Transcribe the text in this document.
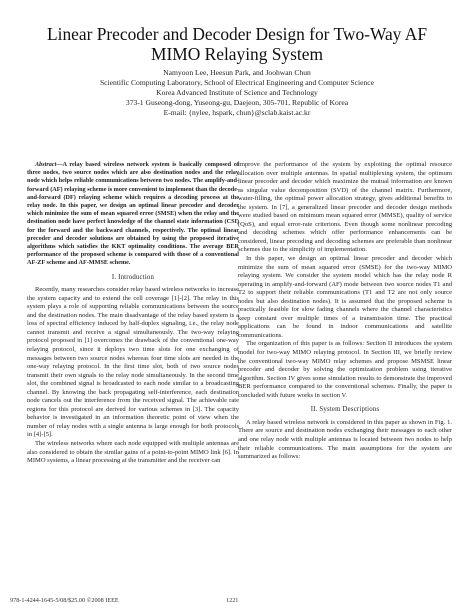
Linear Precoder and Decoder Design for Two-Way AF MIMO Relaying System
Namyoon Lee, Heesun Park, and Joohwan Chun
Scientific Computing Laboratory, School of Electrical Engineering and Computer Science
Korea Advanced Institute of Science and Technology
373-1 Guseong-dong, Yuseong-gu, Daejeon, 305-701, Republic of Korea
E-mail: {nylee, hspark, chun}@sclab.kaist.ac.kr

Abstract—A relay based wireless network system is basically composed of three nodes, two source nodes which are also destination nodes and the relay node which helps reliable communications between two nodes. The amplify-and-forward (AF) relaying scheme is more convenient to implement than the decode-and-forward (DF) relaying scheme which requires a decoding process at the relay node. In this paper, we design an optimal linear precoder and decoder which minimize the sum of mean squared error (SMSE) when the relay and the destination node have perfect knowledge of the channel state information (CSI) for the forward and the backward channels, respectively. The optimal linear precoder and decoder solutions are obtained by using the proposed iterative algorithms which satisfies the KKT optimality conditions. The average BER performance of the proposed scheme is compared with those of a conventional AF-ZF scheme and AF-MMSE scheme.

I. Introduction

Recently, many researches consider relay based wireless networks to increase the system capacity and to extend the cell coverage [1]-[2]. The relay in this system plays a role of supporting reliable communications between the source and the destination nodes. The main disadvantage of the relay based system is a loss of spectral efficiency induced by half-duplex signaling, i.e., the relay node cannot transmit and receive a signal simultaneously. The two-way relaying protocol proposed in [1] overcomes the drawback of the conventional one-way relaying protocol, since it deploys two time slots for one exchanging of messages between two source nodes whereas four time slots are needed in the one-way relaying protocol. In the first time slot, both of two source nodes transmit their own signals to the relay node simultaneously. In the second time slot, the combined signal is broadcasted to each node similar to a broadcasting channel. By knowing the back propagating self-interference, each destination node cancels out the interference from the received signal. The achievable rate regions for this protocol are derived for various schemes in [3]. The capacity behavior is investigated in an information theoretic point of view when the number of relay nodes with a single antenna is large enough for both protocols in [4]-[5].

The wireless networks where each node equipped with multiple antennas are also considered to obtain the similar gains of a point-to-point MIMO link [6]. In MIMO systems, a linear processing at the transmitter and the receiver can

improve the performance of the system by exploiting the optimal resource allocation over multiple antennas. In spatial multiplexing system, the optimum linear precoder and decoder which maximize the mutual information are known as singular value decomposition (SVD) of the channel matrix. Furthermore, water-filling, the optimal power allocation strategy, gives additional benefits to the system. In [7], a generalized linear precoder and decoder design methods were studied based on minimum mean squared error (MMSE), quality of service (QoS), and equal error-rate criterions. Even though some nonlinear precoding and decoding schemes which offer performance enhancements can be considered, linear precoding and decoding schemes are preferable than nonlinear schemes due to the simplicity of implementation.

In this paper, we design an optimal linear precoder and decoder which minimize the sum of mean squared error (SMSE) for the two-way MIMO relaying system. We consider the system model which has the relay node R operating in amplify-and-forward (AF) mode between two source nodes T1 and T2 to support their reliable communications (T1 and T2 are not only source nodes but also destination nodes). It is assumed that the proposed scheme is practically feasible for slow fading channels where the channel characteristics keep constant over multiple times of a transmission time. The practical applications can be found in indoor communications and satellite communications.

The organization of this paper is as follows: Section II introduces the system model for two-way MIMO relaying protocol. In Section III, we briefly review the conventional two-way MIMO relay schemes and propose MSMSE linear precoder and decoder by solving the optimization problem using iterative algorithm. Section IV gives some simulation results to demonstrate the improved BER performance compared to the conventional schemes. Finally, the paper is concluded with future works in section V.

II. System Descriptions

A relay based wireless network is considered in this paper as shown in Fig. 1. There are source and destination nodes exchanging their messages to each other and one relay node with multiple antennas is located between two nodes to help their reliable communications. The main assumptions for the system are summarized as follows:

978-1-4244-1645-5/08/$25.00 ©2008 IEEE	1221
